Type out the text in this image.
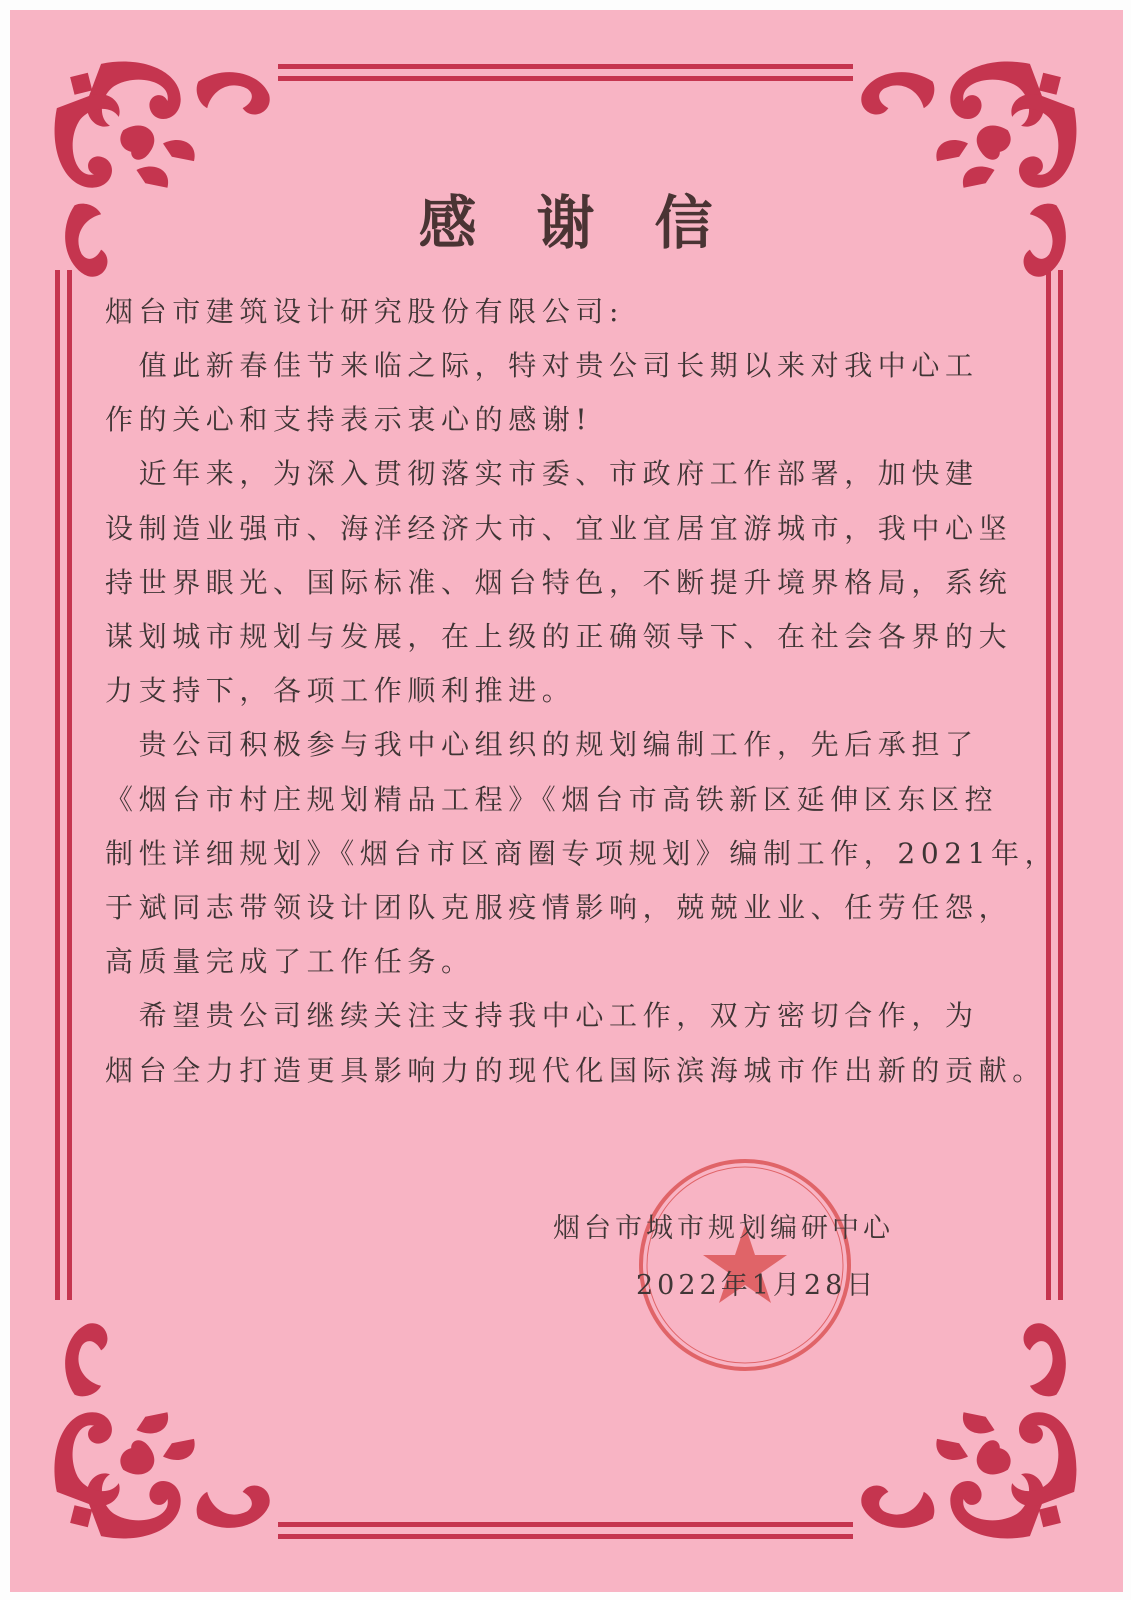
感谢信
烟台市建筑设计研究股份有限公司:
　值此新春佳节来临之际，特对贵公司长期以来对我中心工
作的关心和支持表示衷心的感谢!
　近年来，为深入贯彻落实市委、市政府工作部署，加快建
设制造业强市、海洋经济大市、宜业宜居宜游城市，我中心坚
持世界眼光、国际标准、烟台特色，不断提升境界格局，系统
谋划城市规划与发展，在上级的正确领导下、在社会各界的大
力支持下，各项工作顺利推进。
　贵公司积极参与我中心组织的规划编制工作，先后承担了
《烟台市村庄规划精品工程》《烟台市高铁新区延伸区东区控
制性详细规划》《烟台市区商圈专项规划》编制工作，2021年，
于斌同志带领设计团队克服疫情影响，兢兢业业、任劳任怨，
高质量完成了工作任务。
　希望贵公司继续关注支持我中心工作，双方密切合作，为
烟台全力打造更具影响力的现代化国际滨海城市作出新的贡献。
烟台市城市规划编研中心
2022年1月28日
